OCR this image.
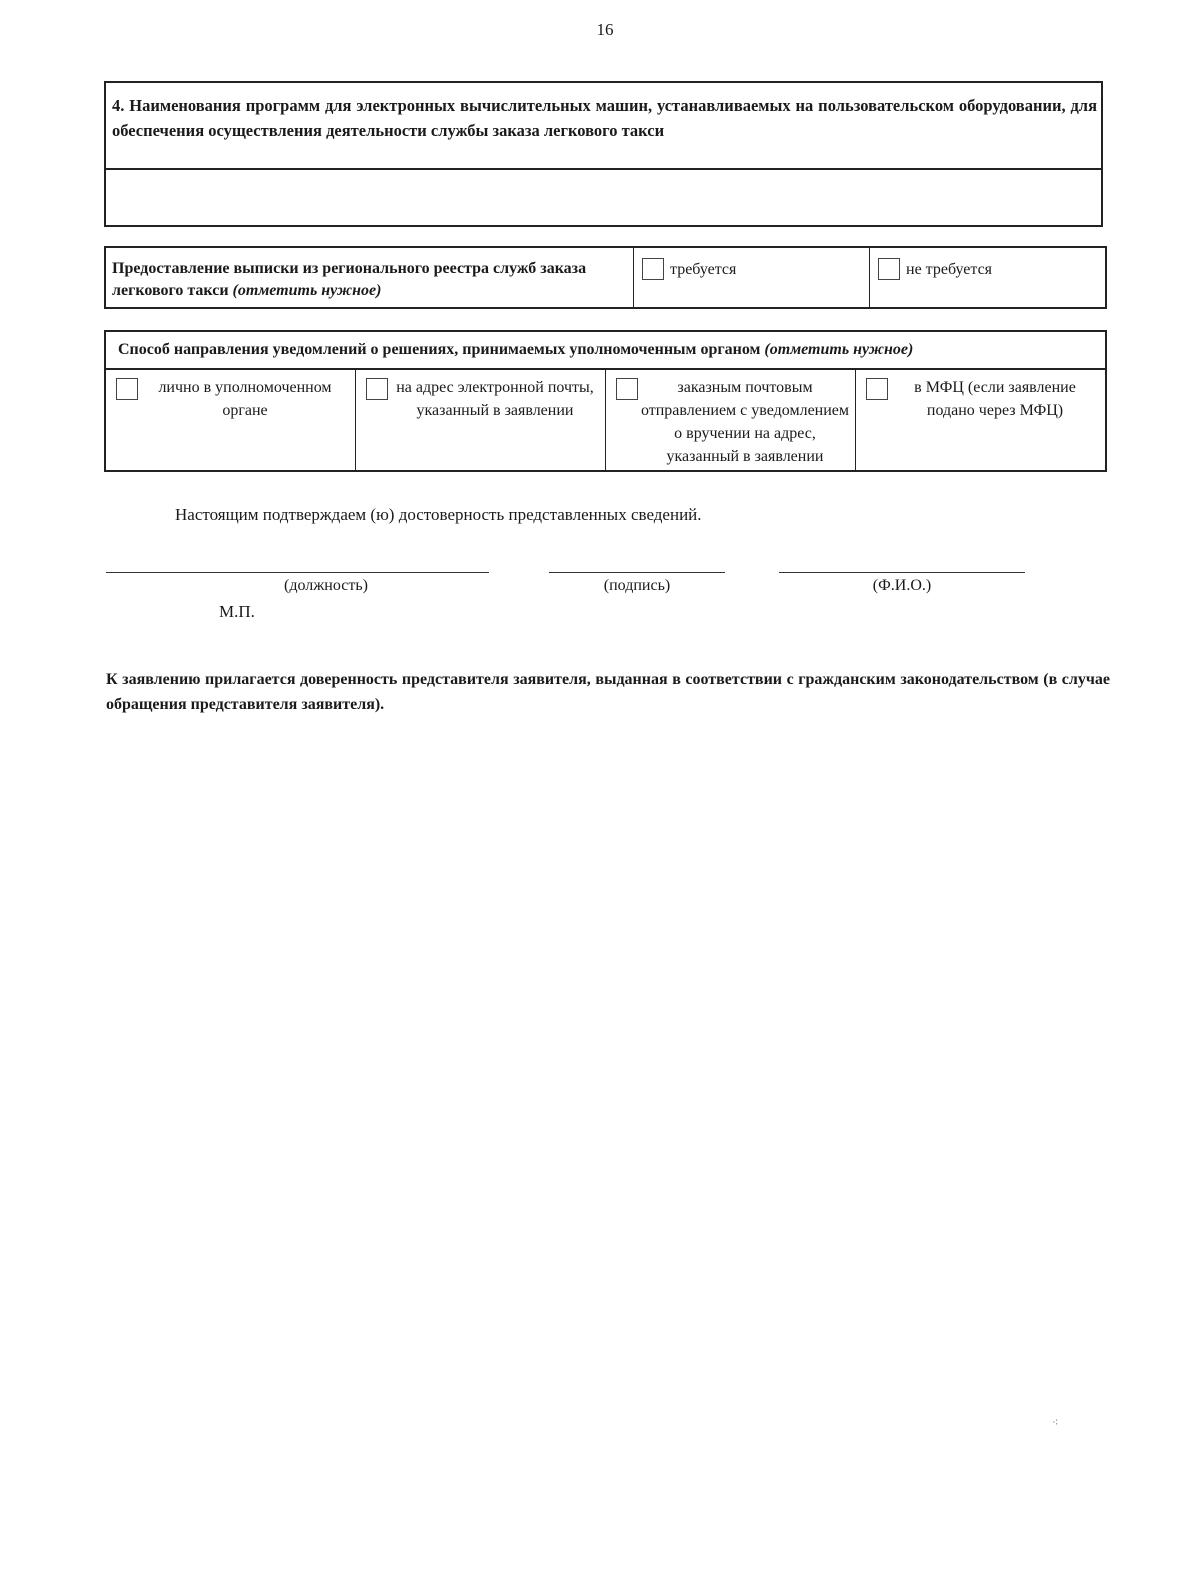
16
4. Наименования программ для электронных вычислительных машин, устанавливаемых на пользовательском оборудовании, для обеспечения осуществления деятельности службы заказа легкового такси
Предоставление выписки из регионального реестра служб заказа легкового такси (отметить нужное)
требуется	не требуется
Способ направления уведомлений о решениях, принимаемых уполномоченным органом (отметить нужное)
лично в уполномоченном органе
на адрес электронной почты, указанный в заявлении
заказным почтовым отправлением с уведомлением о вручении на адрес, указанный в заявлении
в МФЦ (если заявление подано через МФЦ)
Настоящим подтверждаем (ю) достоверность представленных сведений.
(должность)	(подпись)	(Ф.И.О.)
М.П.
К заявлению прилагается доверенность представителя заявителя, выданная в соответствии с гражданским законодательством (в случае обращения представителя заявителя).
⁖
